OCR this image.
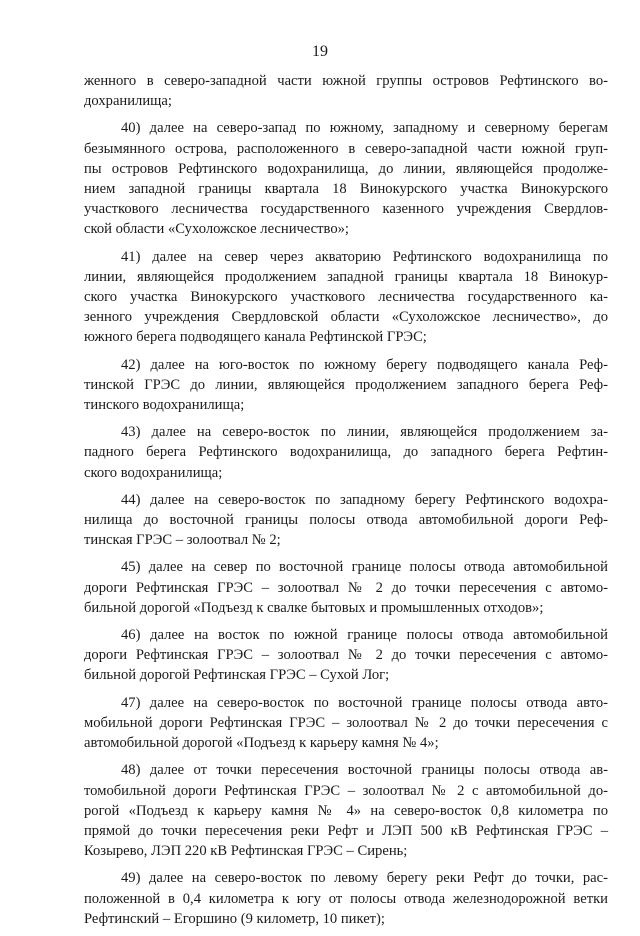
19

женного в северо-западной части южной группы островов Рефтинского во-
дохранилища;

40) далее на северо-запад по южному, западному и северному берегам
безымянного острова, расположенного в северо-западной части южной груп-
пы островов Рефтинского водохранилища, до линии, являющейся продолже-
нием западной границы квартала 18 Винокурского участка Винокурского
участкового лесничества государственного казенного учреждения Свердлов-
ской области «Сухоложское лесничество»;

41) далее на север через акваторию Рефтинского водохранилища по
линии, являющейся продолжением западной границы квартала 18 Винокур-
ского участка Винокурского участкового лесничества государственного ка-
зенного учреждения Свердловской области «Сухоложское лесничество», до
южного берега подводящего канала Рефтинской ГРЭС;

42) далее на юго-восток по южному берегу подводящего канала Реф-
тинской ГРЭС до линии, являющейся продолжением западного берега Реф-
тинского водохранилища;

43) далее на северо-восток по линии, являющейся продолжением за-
падного берега Рефтинского водохранилища, до западного берега Рефтин-
ского водохранилища;

44) далее на северо-восток по западному берегу Рефтинского водохра-
нилища до восточной границы полосы отвода автомобильной дороги Реф-
тинская ГРЭС – золоотвал № 2;

45) далее на север по восточной границе полосы отвода автомобильной
дороги Рефтинская ГРЭС – золоотвал № 2 до точки пересечения с автомо-
бильной дорогой «Подъезд к свалке бытовых и промышленных отходов»;

46) далее на восток по южной границе полосы отвода автомобильной
дороги Рефтинская ГРЭС – золоотвал № 2 до точки пересечения с автомо-
бильной дорогой Рефтинская ГРЭС – Сухой Лог;

47) далее на северо-восток по восточной границе полосы отвода авто-
мобильной дороги Рефтинская ГРЭС – золоотвал № 2 до точки пересечения с
автомобильной дорогой «Подъезд к карьеру камня № 4»;

48) далее от точки пересечения восточной границы полосы отвода ав-
томобильной дороги Рефтинская ГРЭС – золоотвал № 2 с автомобильной до-
рогой «Подъезд к карьеру камня № 4» на северо-восток 0,8 километра по
прямой до точки пересечения реки Рефт и ЛЭП 500 кВ Рефтинская ГРЭС –
Козырево, ЛЭП 220 кВ Рефтинская ГРЭС – Сирень;

49) далее на северо-восток по левому берегу реки Рефт до точки, рас-
положенной в 0,4 километра к югу от полосы отвода железнодорожной ветки
Рефтинский – Егоршино (9 километр, 10 пикет);
